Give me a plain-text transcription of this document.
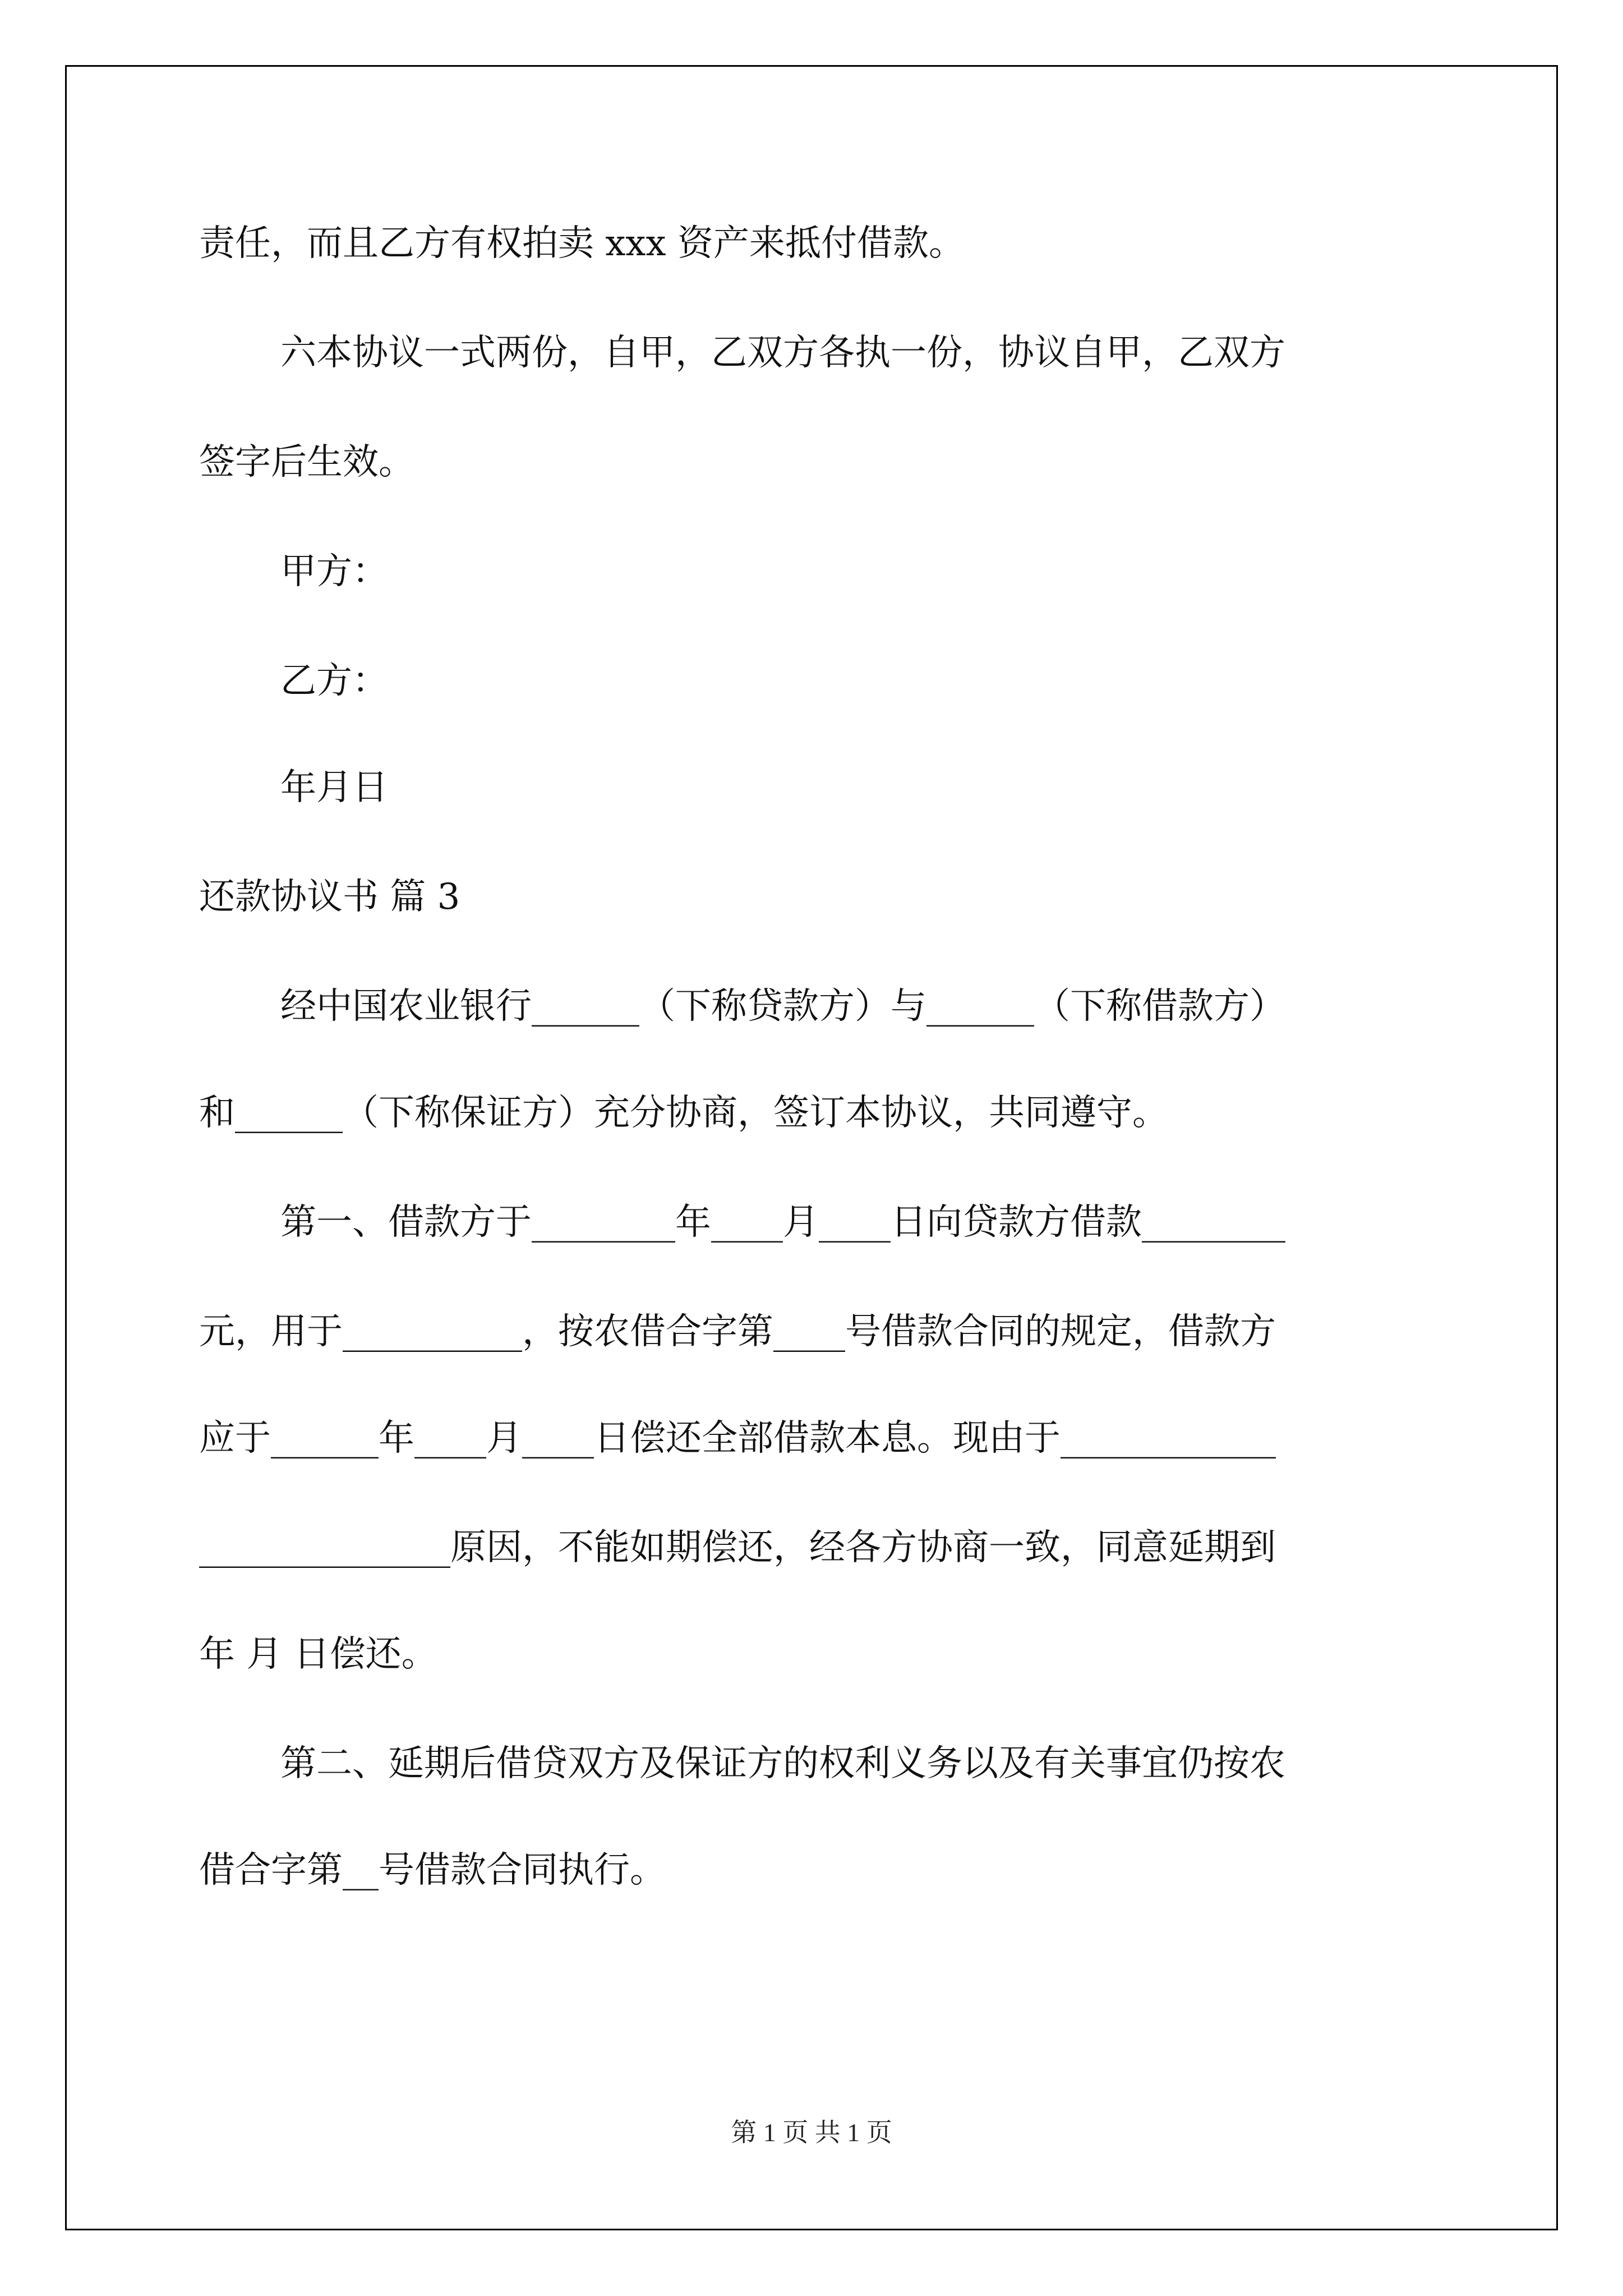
责任，而且乙方有权拍卖 xxx 资产来抵付借款。
六本协议一式两份，自甲，乙双方各执一份，协议自甲，乙双方
签字后生效。
甲方：
乙方：
年月日
还款协议书 篇 3
经中国农业银行______（下称贷款方）与______（下称借款方）
和______（下称保证方）充分协商，签订本协议，共同遵守。
第一、借款方于________年____月____日向贷款方借款________
元，用于__________，按农借合字第____号借款合同的规定，借款方
应于______年____月____日偿还全部借款本息。现由于____________
______________原因，不能如期偿还，经各方协商一致，同意延期到
年 月 日偿还。
第二、延期后借贷双方及保证方的权利义务以及有关事宜仍按农
借合字第__号借款合同执行。
第 1 页 共 1 页
